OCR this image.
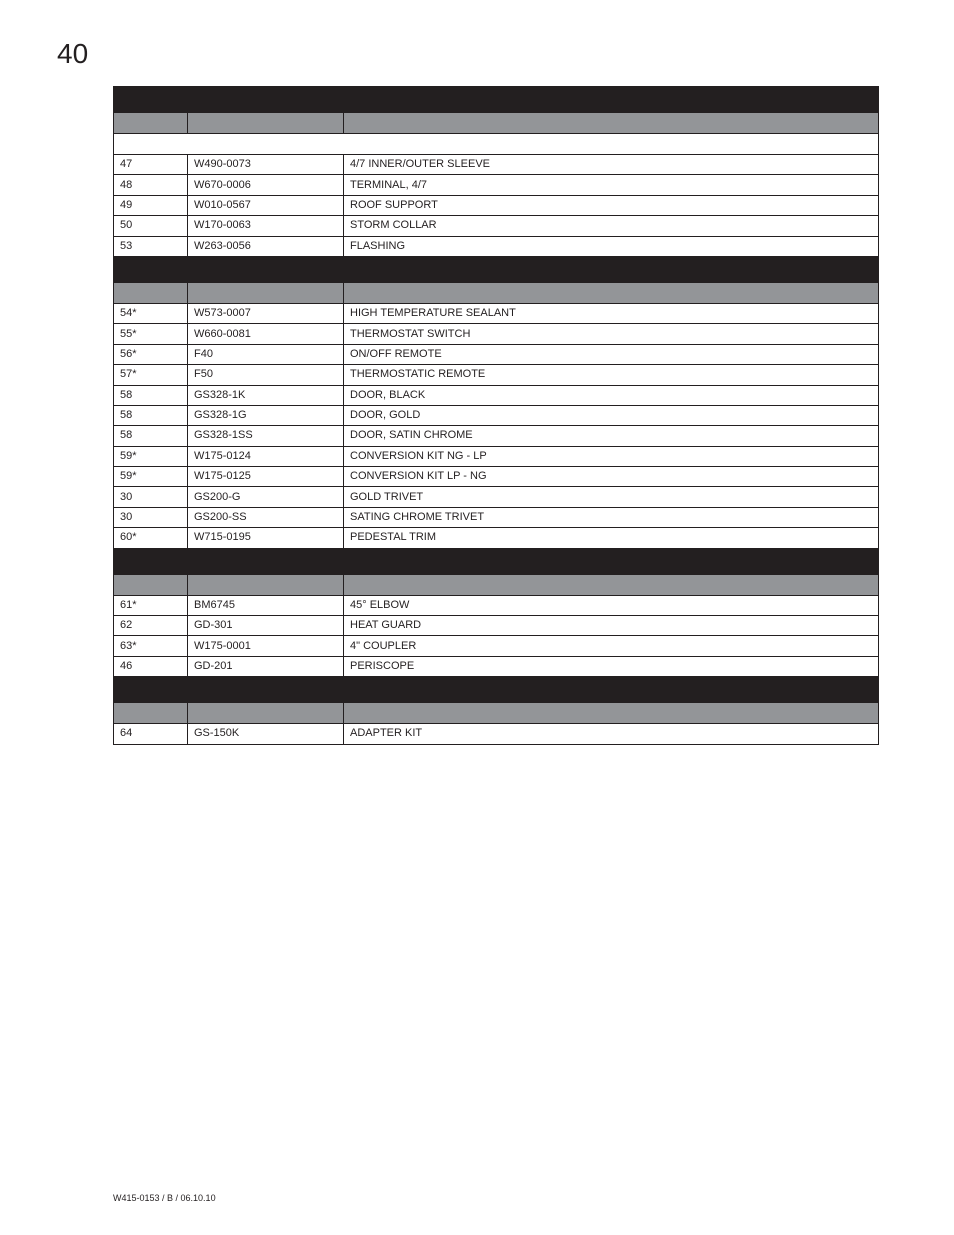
40

47	W490-0073	4/7 INNER/OUTER SLEEVE
48	W670-0006	TERMINAL, 4/7
49	W010-0567	ROOF SUPPORT
50	W170-0063	STORM COLLAR
53	W263-0056	FLASHING

54*	W573-0007	HIGH TEMPERATURE SEALANT
55*	W660-0081	THERMOSTAT SWITCH
56*	F40	ON/OFF REMOTE
57*	F50	THERMOSTATIC REMOTE
58	GS328-1K	DOOR, BLACK
58	GS328-1G	DOOR, GOLD
58	GS328-1SS	DOOR, SATIN CHROME
59*	W175-0124	CONVERSION KIT NG - LP
59*	W175-0125	CONVERSION KIT LP - NG
30	GS200-G	GOLD TRIVET
30	GS200-SS	SATING CHROME TRIVET
60*	W715-0195	PEDESTAL TRIM

61*	BM6745	45° ELBOW
62	GD-301	HEAT GUARD
63*	W175-0001	4" COUPLER
46	GD-201	PERISCOPE

64	GS-150K	ADAPTER KIT
W415-0153 / B / 06.10.10
